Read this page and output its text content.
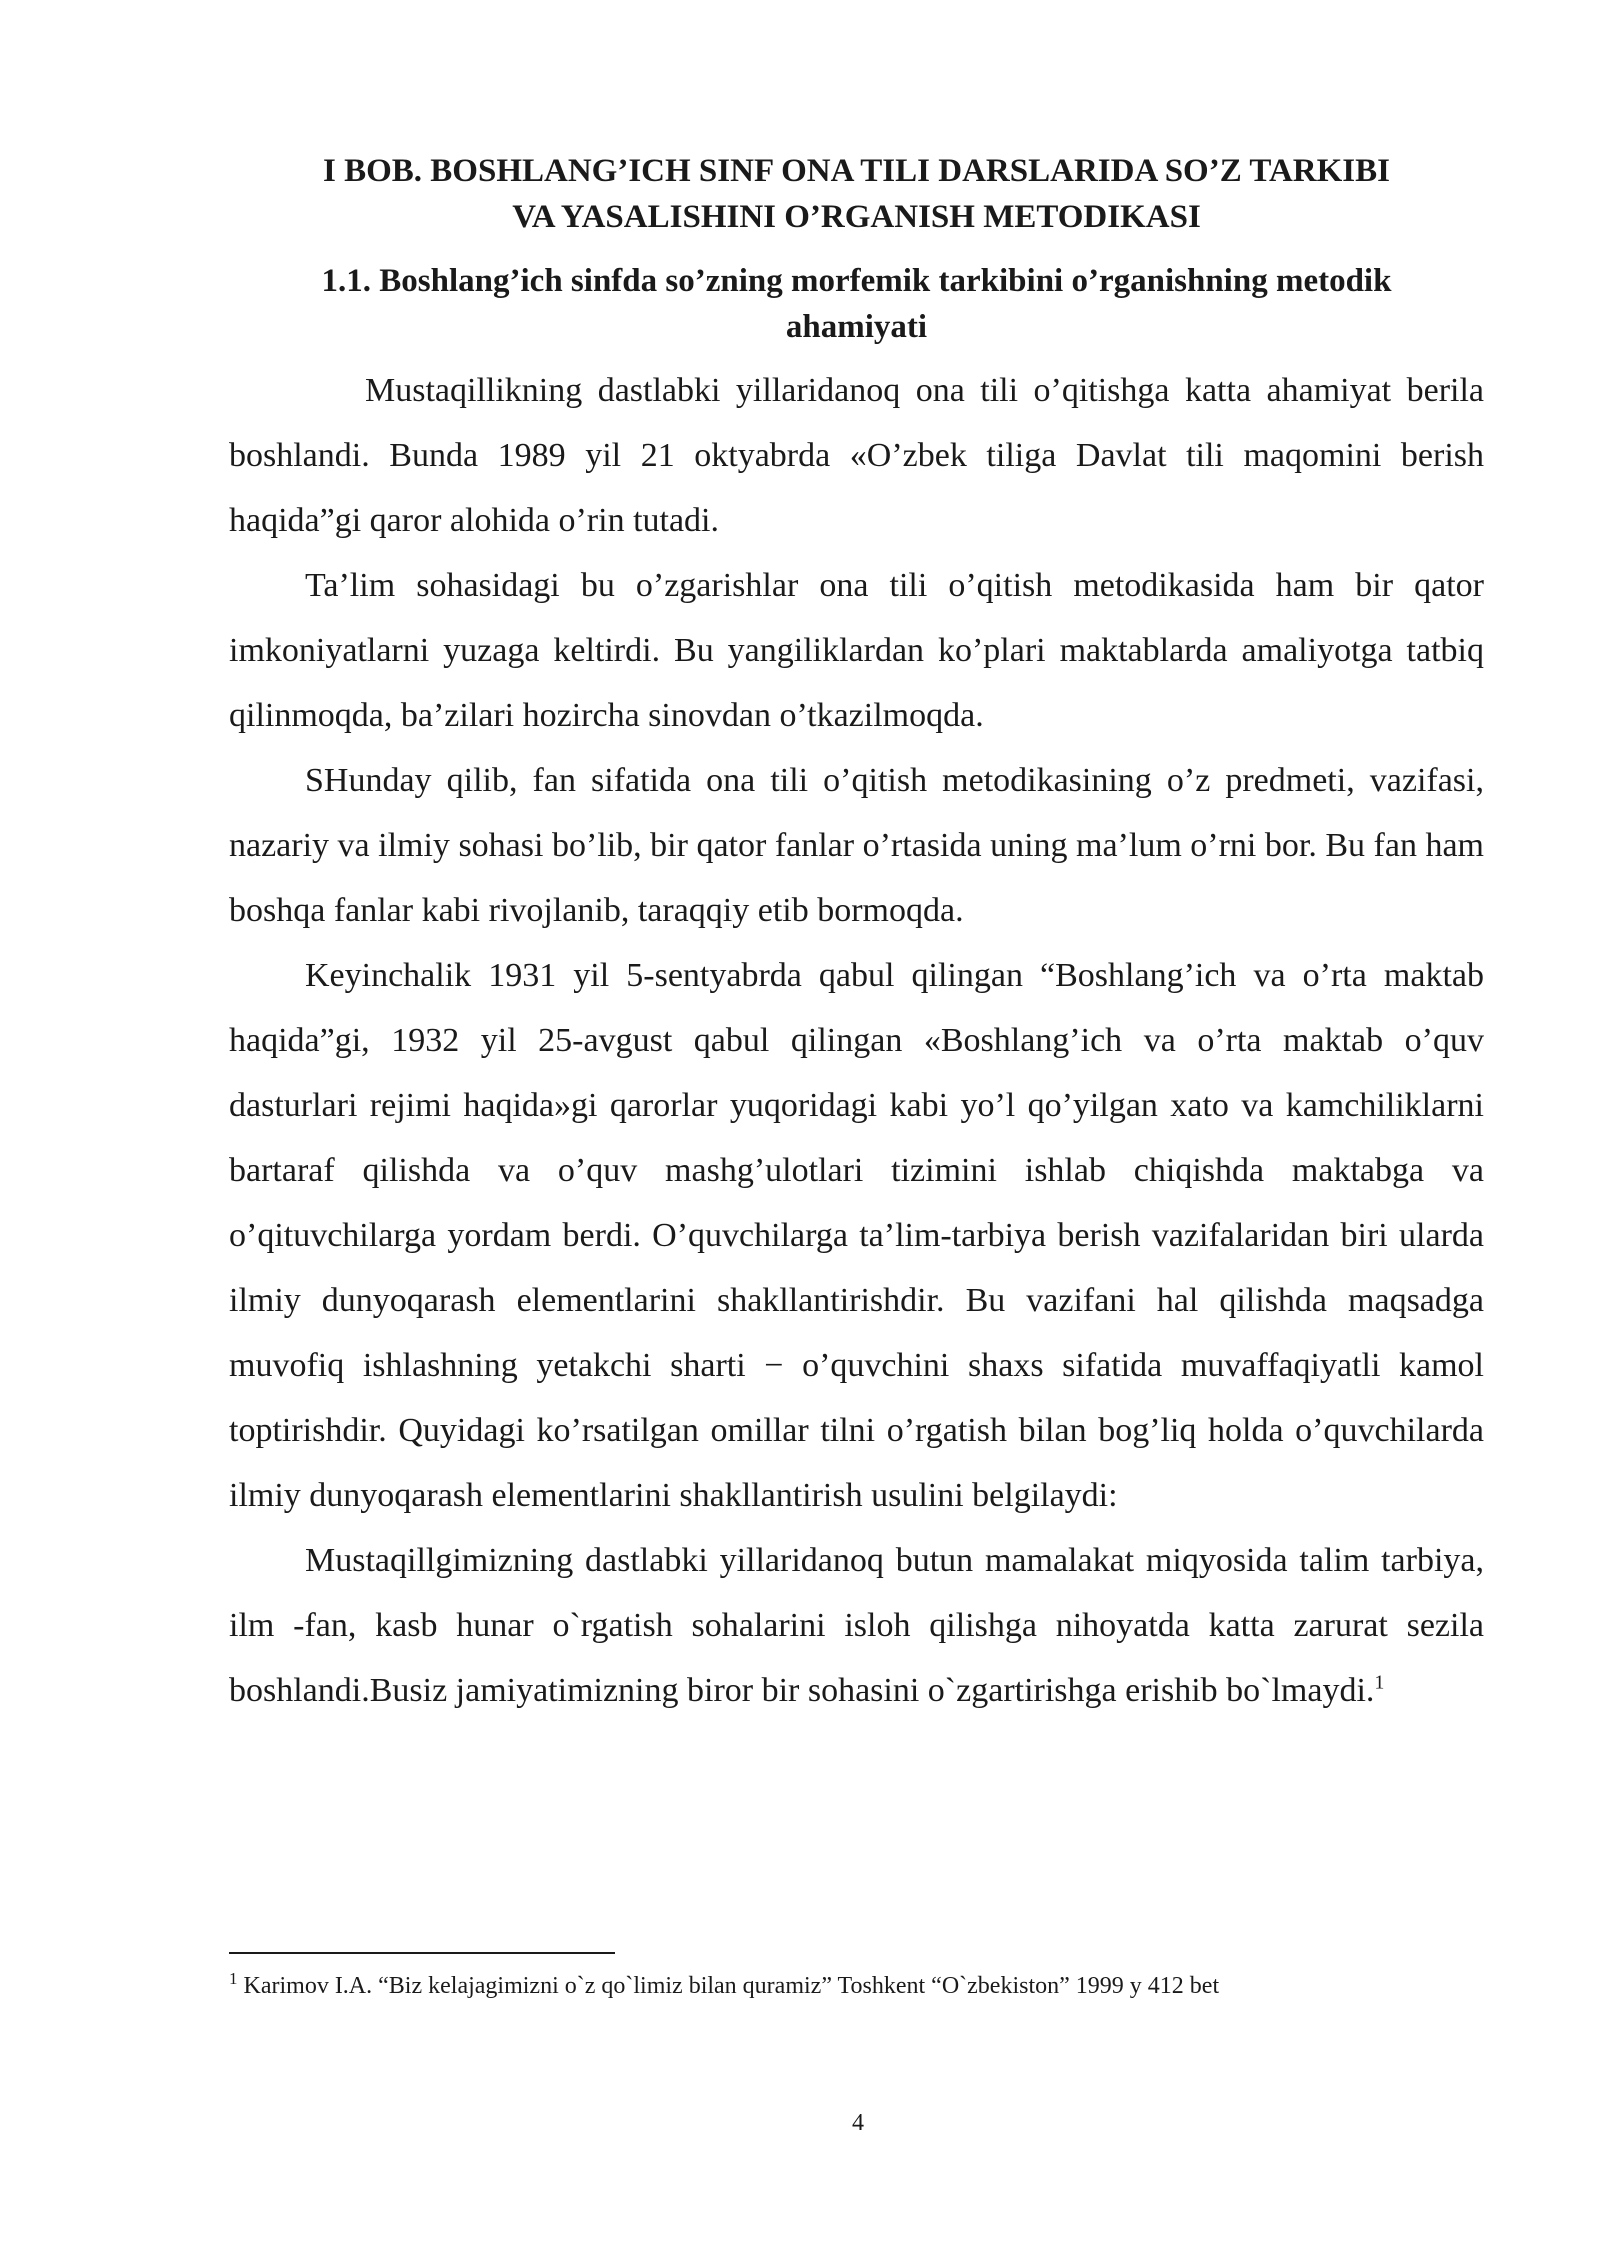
I BOB. BOSHLANG’ICH SINF ONA TILI DARSLARIDA SO’Z TARKIBI
VA YASALISHINI O’RGANISH METODIKASI
1.1. Boshlang’ich sinfda so’zning morfemik tarkibini o’rganishning metodik
ahamiyati

Mustaqillikning dastlabki yillaridanoq ona tili o’qitishga katta ahamiyat berila boshlandi. Bunda 1989 yil 21 oktyabrda «O’zbek tiliga Davlat tili maqomini berish haqida”gi qaror alohida o’rin tutadi.

Ta’lim sohasidagi bu o’zgarishlar ona tili o’qitish metodikasida ham bir qator imkoniyatlarni yuzaga keltirdi. Bu yangiliklardan ko’plari maktablarda amaliyotga tatbiq qilinmoqda, ba’zilari hozircha sinovdan o’tkazilmoqda.

SHunday qilib, fan sifatida ona tili o’qitish metodikasining o’z predmeti, vazifasi, nazariy va ilmiy sohasi bo’lib, bir qator fanlar o’rtasida uning ma’lum o’rni bor. Bu fan ham boshqa fanlar kabi rivojlanib, taraqqiy etib bormoqda.

Keyinchalik 1931 yil 5-sentyabrda qabul qilingan “Boshlang’ich va o’rta maktab haqida”gi, 1932 yil 25-avgust qabul qilingan «Boshlang’ich va o’rta maktab o’quv dasturlari rejimi haqida»gi qarorlar yuqoridagi kabi yo’l qo’yilgan xato va kamchiliklarni bartaraf qilishda va o’quv mashg’ulotlari tizimini ishlab chiqishda maktabga va o’qituvchilarga yordam berdi. O’quvchilarga ta’lim-tarbiya berish vazifalaridan biri ularda ilmiy dunyoqarash elementlarini shakllantirishdir. Bu vazifani hal qilishda maqsadga muvofiq ishlashning yetakchi sharti − o’quvchini shaxs sifatida muvaffaqiyatli kamol toptirishdir. Quyidagi ko’rsatilgan omillar tilni o’rgatish bilan bog’liq holda o’quvchilarda ilmiy dunyoqarash elementlarini shakllantirish usulini belgilaydi:

Mustaqillgimizning dastlabki yillaridanoq butun mamalakat miqyosida talim tarbiya, ilm -fan, kasb hunar o`rgatish sohalarini isloh qilishga nihoyatda katta zarurat sezila boshlandi.Busiz jamiyatimizning biror bir sohasini o`zgartirishga erishib bo`lmaydi.$^1$

$^1$ Karimov I.A. “Biz kelajagimizni o`z qo`limiz bilan quramiz” Toshkent “O`zbekiston” 1999 y 412 bet

4
